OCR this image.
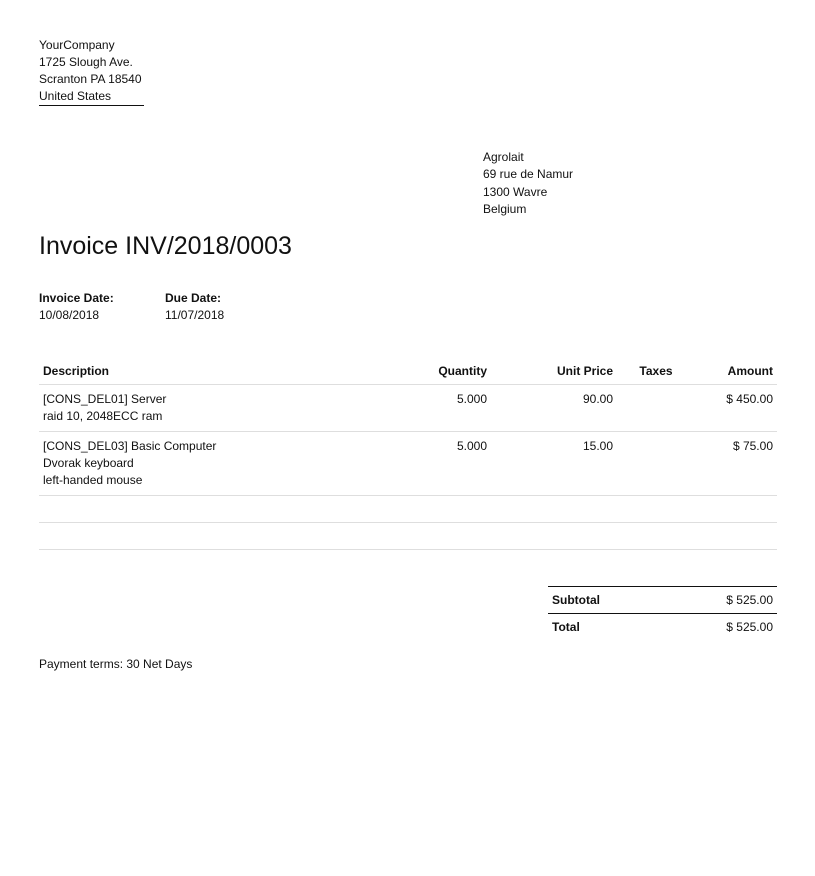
YourCompany
1725 Slough Ave.
Scranton PA 18540
United States
Agrolait
69 rue de Namur
1300 Wavre
Belgium
Invoice INV/2018/0003
Invoice Date:
10/08/2018
Due Date:
11/07/2018
Description	Quantity	Unit Price	Taxes	Amount

[CONS_DEL01] Server
raid 10, 2048ECC ram	5.000	90.00		$ 450.00

[CONS_DEL03] Basic Computer
Dvorak keyboard
left-handed mouse	5.000	15.00		$ 75.00

Subtotal	$ 525.00
Total	$ 525.00
Payment terms: 30 Net Days
